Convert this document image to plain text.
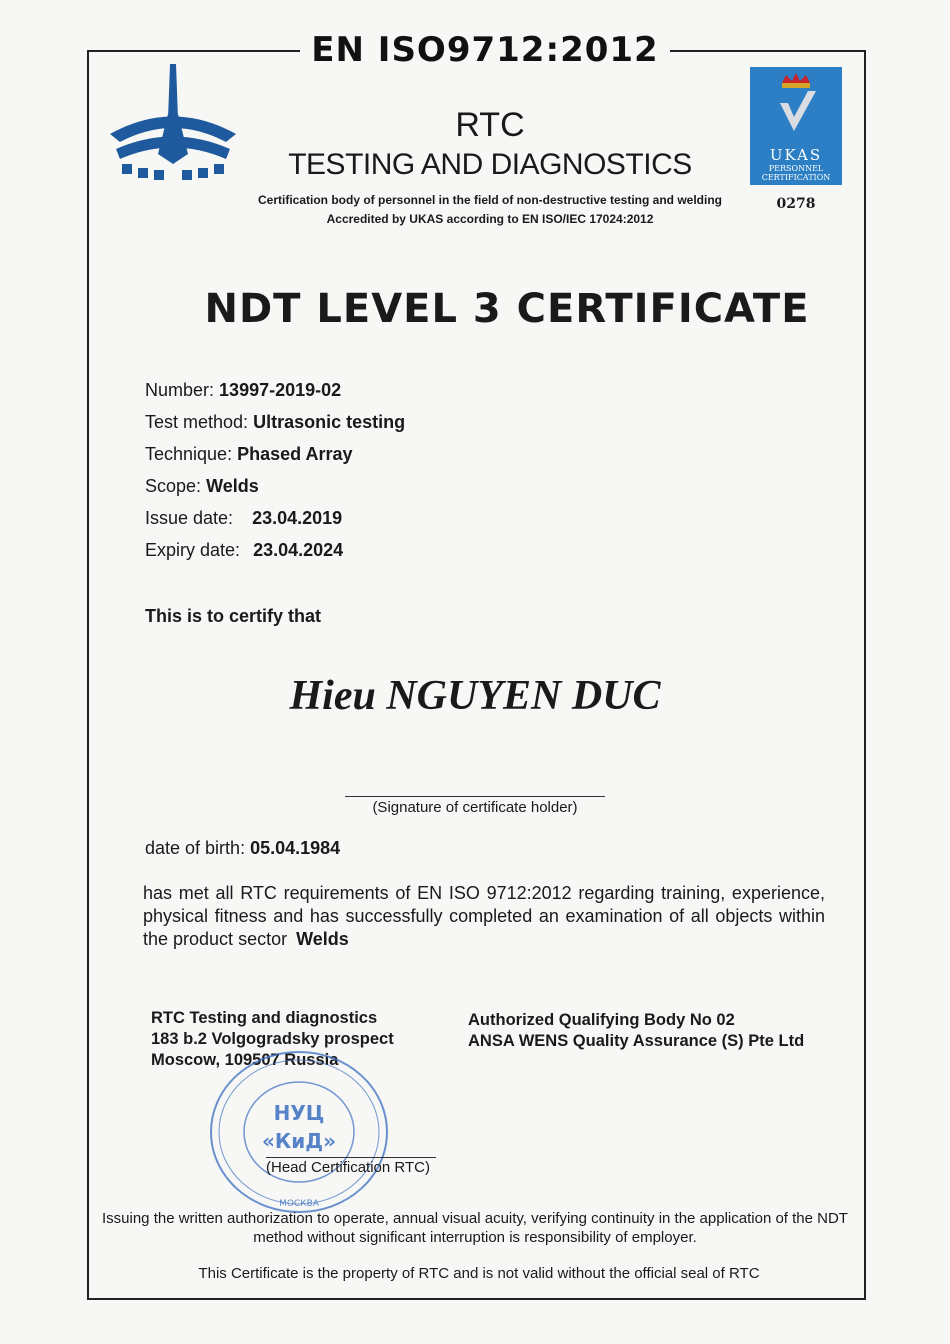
EN ISO9712:2012
RTC
TESTING AND DIAGNOSTICS
Certification body of personnel in the field of non-destructive testing and welding
Accredited by UKAS according to EN ISO/IEC 17024:2012
UKAS
PERSONNEL
CERTIFICATION
0278
NDT LEVEL 3 CERTIFICATE
Number: 13997-2019-02
Test method: Ultrasonic testing
Technique: Phased Array
Scope: Welds
Issue date: 23.04.2019
Expiry date: 23.04.2024
This is to certify that
Hieu NGUYEN DUC
(Signature of certificate holder)
date of birth: 05.04.1984
has met all RTC requirements of EN ISO 9712:2012 regarding training, experience, physical fitness and has successfully completed an examination of all objects within the product sector Welds
RTC Testing and diagnostics
183 b.2 Volgogradsky prospect
Moscow, 109507 Russia
Authorized Qualifying Body No 02
ANSA WENS Quality Assurance (S) Pte Ltd
НУЦ
«КиД»
МОСКВА
(Head Certification RTC)
Issuing the written authorization to operate, annual visual acuity, verifying continuity in the application of the NDT method without significant interruption is responsibility of employer.
This Certificate is the property of RTC and is not valid without the official seal of RTC
